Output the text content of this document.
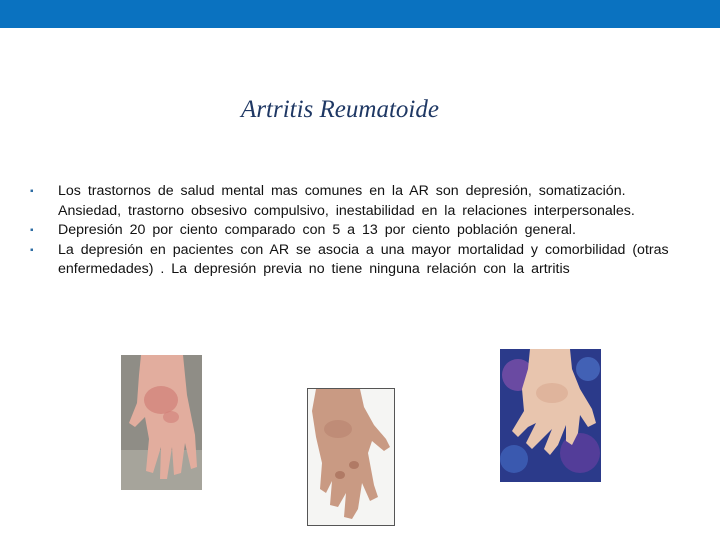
Artritis Reumatoide
▪ Los trastornos de salud mental mas comunes en la AR son depresión, somatización. Ansiedad, trastorno obsesivo compulsivo, inestabilidad en la relaciones interpersonales.
▪ Depresión 20 por ciento comparado con 5 a 13 por ciento población general.
▪ La depresión en pacientes con AR se asocia a una mayor mortalidad y comorbilidad (otras enfermedades) . La depresión previa no tiene ninguna relación con la artritis
